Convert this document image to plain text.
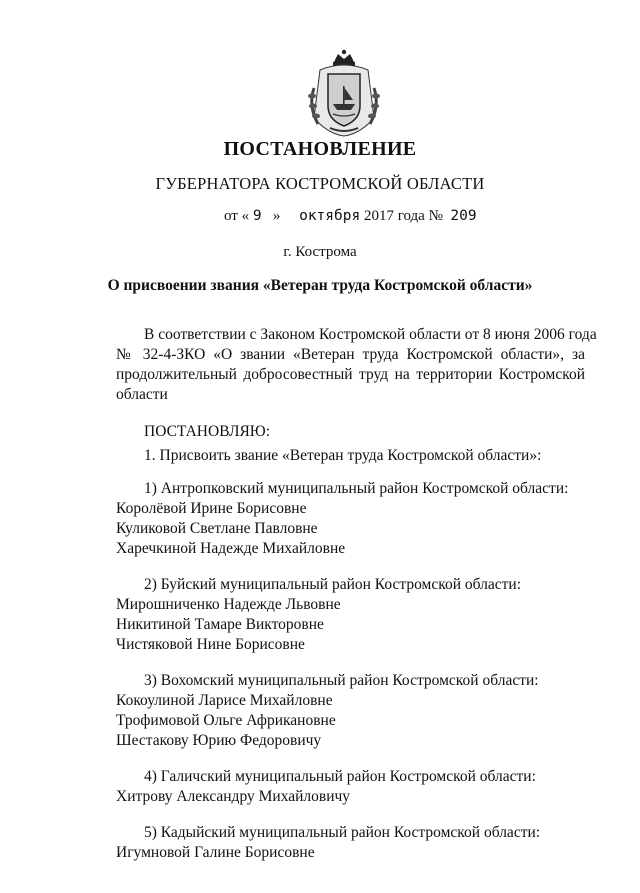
ПОСТАНОВЛЕНИЕ
ГУБЕРНАТОРА КОСТРОМСКОЙ ОБЛАСТИ
от « 9 » октября 2017 года № 209
г. Кострома
О присвоении звания «Ветеран труда Костромской области»
В соответствии с Законом Костромской области от 8 июня 2006 года
№ 32-4-ЗКО «О звании «Ветеран труда Костромской области», за
продолжительный добросовестный труд на территории Костромской
области
ПОСТАНОВЛЯЮ:
1. Присвоить звание «Ветеран труда Костромской области»:
1) Антропковский муниципальный район Костромской области:
Королёвой Ирине Борисовне
Куликовой Светлане Павловне
Харечкиной Надежде Михайловне
2) Буйский муниципальный район Костромской области:
Мирошниченко Надежде Львовне
Никитиной Тамаре Викторовне
Чистяковой Нине Борисовне
3) Вохомский муниципальный район Костромской области:
Кокоулиной Ларисе Михайловне
Трофимовой Ольге Африкановне
Шестакову Юрию Федоровичу
4) Галичский муниципальный район Костромской области:
Хитрову Александру Михайловичу
5) Кадыйский муниципальный район Костромской области:
Игумновой Галине Борисовне
